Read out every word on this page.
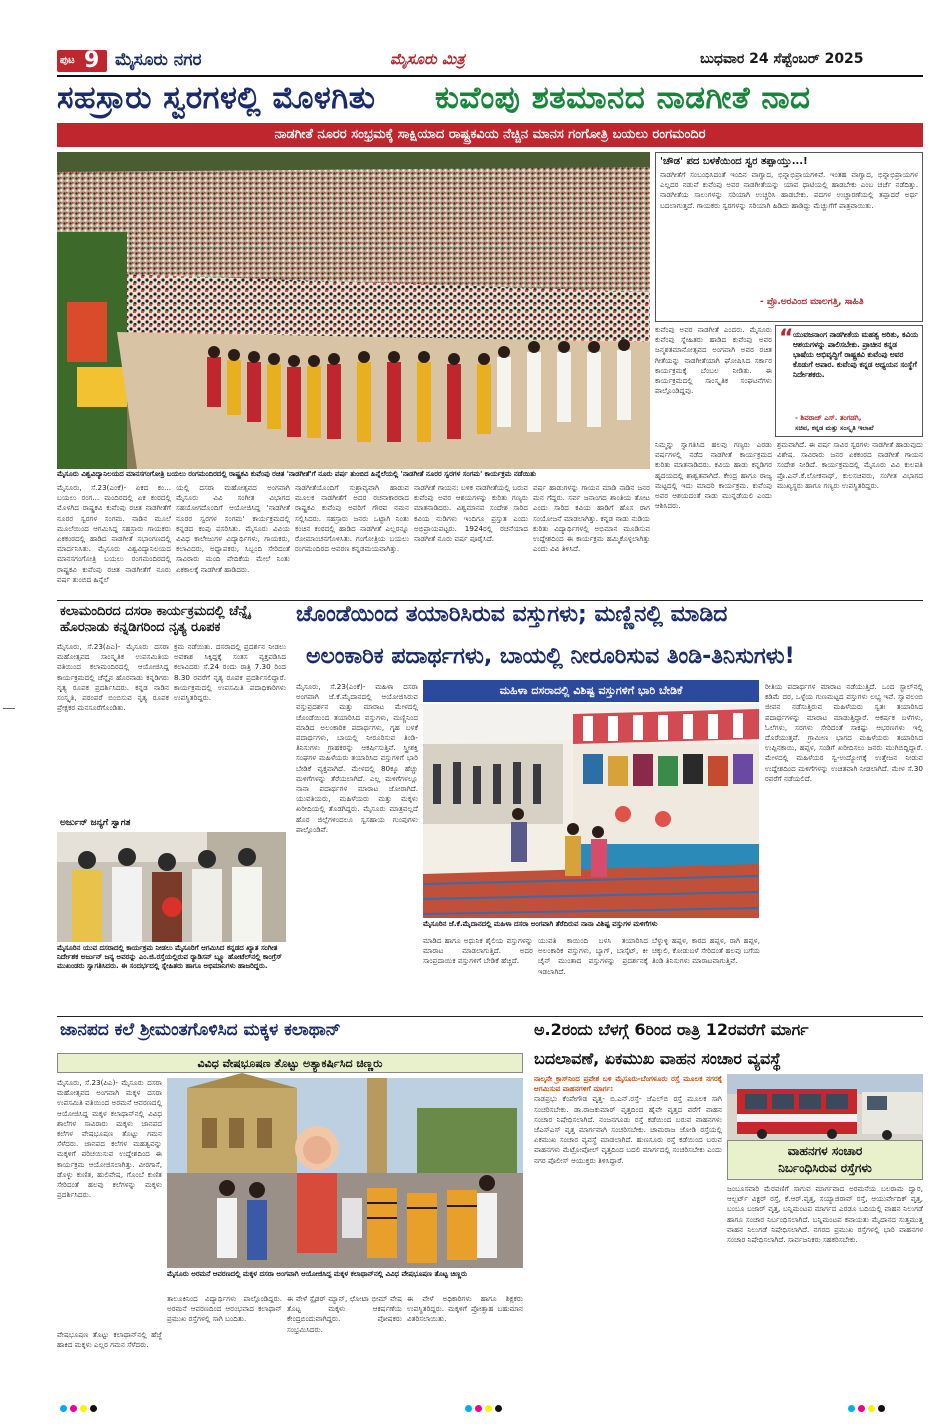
ಪುಟ 9 ಮೈಸೂರು ನಗರ	ಮೈಸೂರು ಮಿತ್ರ	ಬುಧವಾರ 24 ಸೆಪ್ಟೆಂಬರ್ 2025
ಸಹಸ್ರಾರು ಸ್ವರಗಳಲ್ಲಿ ಮೊಳಗಿತು ಕುವೆಂಪು ಶತಮಾನದ ನಾಡಗೀತೆ ನಾದ
ನಾಡಗೀತೆ ನೂರರ ಸಂಭ್ರಮಕ್ಕೆ ಸಾಕ್ಷಿಯಾದ ರಾಷ್ಟ್ರಕವಿಯ ನೆಚ್ಚಿನ ಮಾನಸ ಗಂಗೋತ್ರಿ ಬಯಲು ರಂಗಮಂದಿರ
'ಚೌಡ' ಪದ ಬಳಕೆಯಿಂದ ಸ್ವರ ತಪ್ಪಾಯ್ತು...!
ನಾಡಗೀತೆಗೆ ಸಂಬಂಧಿಸಿದಂತೆ ಇಂದಿನ ವಾಗ್ವಾದ, ಭಿನ್ನಾಭಿಪ್ರಾಯಗಳಿವೆ. ಇಂತಹ ವಾಗ್ವಾದ, ಭಿನ್ನಾಭಿಪ್ರಾಯಗಳ ಎಲ್ಲದರ ನಡುವೆ ಕುವೆಂಪು ಅವರ ನಾಡಗೀತೆಯನ್ನು ಯಾವ ಧಾಟಿಯಲ್ಲಿ ಹಾಡಬೇಕು ಎಂಬ ಚರ್ಚೆ ನಡೆದಿತ್ತು. ನಾಡಗೀತೆಯ ಸಾಲುಗಳನ್ನು ಸರಿಯಾಗಿ ಉಚ್ಚರಿಸಿ ಹಾಡಬೇಕು. ಪದಗಳ ಉಚ್ಚಾರಣೆಯಲ್ಲಿ ತಪ್ಪಾದರೆ ಅರ್ಥ ಬದಲಾಗುತ್ತದೆ. ಗಾಯಕರು ಸ್ವರಗಳನ್ನು ಸರಿಯಾಗಿ ಹಿಡಿದು ಹಾಡಿದ್ದು ಮೆಚ್ಚುಗೆಗೆ ಪಾತ್ರವಾಯಿತು.
- ಪ್ರೊ.ಅರವಿಂದ ಮಾಲಗತ್ತಿ, ಸಾಹಿತಿ
“ ಯುವಜನಾಂಗ ನಾಡಗೀತೆಯ ಮಹತ್ವ ಅರಿತು, ಕವಿಯ ಆಶಯಗಳನ್ನು ಪಾಲಿಸಬೇಕು. ಪ್ರಾಚೀನ ಕನ್ನಡ ಭಾಷೆಯ ಅಭಿವೃದ್ಧಿಗೆ ರಾಷ್ಟ್ರಕವಿ ಕುವೆಂಪು ಅವರ ಕೊಡುಗೆ ಅಪಾರ. ಕುವೆಂಪು ಕನ್ನಡ ಅಧ್ಯಯನ ಸಂಸ್ಥೆಗೆ ನಿರ್ದೇಶಕರು.
- ಶಿವರಾಜ್ ಎಸ್. ತಂಗಡಗಿ,
ಸಚಿವ, ಕನ್ನಡ ಮತ್ತು ಸಂಸ್ಕೃತಿ ಇಲಾಖೆ
ಮೈಸೂರು ವಿಶ್ವವಿದ್ಯಾನಿಲಯದ ಮಾನಸಗಂಗೋತ್ರಿ ಬಯಲು ರಂಗಮಂದಿರದಲ್ಲಿ ರಾಷ್ಟ್ರಕವಿ ಕುವೆಂಪು ರಚಿತ 'ನಾಡಗೀತೆ'ಗೆ ನೂರು ವರ್ಷ ತುಂಬಿದ ಹಿನ್ನೆಲೆಯಲ್ಲಿ 'ನಾಡಗೀತೆ ನೂರರ ಸ್ವರಗಳ ಸಂಗಮ' ಕಾರ್ಯಕ್ರಮ ನಡೆಯಿತು
ಮೈಸೂರು, ಸೆ.23(ಎಂಕೆ)- ಏಕದ ಕಂ... ಬಯಲು ರಂಗ... ಮಂದಿರದಲ್ಲಿ ಏಕ ಕಂಠದಲ್ಲಿ ಮೊಳಗಿದ ರಾಷ್ಟ್ರಕವಿ ಕುವೆಂಪು ರಚಿತ ನಾಡಗೀತೆಗೆ ನೂರರ ಸ್ವರಗಳ ಸಂಗಮ. ನಾಡಿನ ಮೂಲೆ ಮೂಲೆಯಿಂದ ಆಗಮಿಸಿದ್ದ ಸಹಸ್ರಾರು ಗಾಯಕರು ಏಕಕಂಠದಲ್ಲಿ ಹಾಡಿದ ನಾಡಗೀತೆ ಸಭಾಂಗಣದಲ್ಲಿ ಮಾರ್ದನಿಸಿತು. ಮೈಸೂರು ವಿಶ್ವವಿದ್ಯಾನಿಲಯದ ಮಾನಸಗಂಗೋತ್ರಿ ಬಯಲು ರಂಗಮಂದಿರದಲ್ಲಿ ರಾಷ್ಟ್ರಕವಿ ಕುವೆಂಪು ರಚಿತ ನಾಡಗೀತೆಗೆ ನೂರು ವರ್ಷ ತುಂಬಿದ ಹಿನ್ನೆಲೆ
ಯಲ್ಲಿ ದಸರಾ ಮಹೋತ್ಸವದ ಅಂಗವಾಗಿ ಮೈಸೂರು ವಿವಿ ಸಂಗೀತ ವಿಭಾಗದ ಸಹಯೋಗದೊಂದಿಗೆ ಆಯೋಜಿಸಿದ್ದ 'ನಾಡಗೀತೆ ನೂರರ ಸ್ವರಗಳ ಸಂಗಮ' ಕಾರ್ಯಕ್ರಮದಲ್ಲಿ ಕನ್ನಡದ ಕಂಪು ಪಸರಿಸಿತು. ಮೈಸೂರು ವಿವಿಯ ವಿವಿಧ ಕಾಲೇಜುಗಳ ವಿದ್ಯಾರ್ಥಿಗಳು, ಗಾಯಕರು, ಕಲಾವಿದರು, ಅಧ್ಯಾಪಕರು, ಸಿಬ್ಬಂದಿ ಸೇರಿದಂತೆ ಸಾವಿರಾರು ಮಂದಿ ವೇದಿಕೆಯ ಮೇಲೆ ನಿಂತು ಏಕಕಾಲಕ್ಕೆ ನಾಡಗೀತೆ ಹಾಡಿದರು.
ನಾಡಗೀತೆಯೊಂದಿಗೆ ಸುಶ್ರಾವ್ಯವಾಗಿ ಹಾಡುವ ಮೂಲಕ ನಾಡಗೀತೆಗೆ ಅದರ ರಚನಾಕಾರರಾದ ರಾಷ್ಟ್ರಕವಿ ಕುವೆಂಪು ಅವರಿಗೆ ಗೌರವ ನಮನ ಸಲ್ಲಿಸಿದರು. ಸಹಸ್ರಾರು ಜನರು ಒಟ್ಟಾಗಿ ನಿಂತು ಕಂಚಿನ ಕಂಠದಲ್ಲಿ ಹಾಡಿದ ನಾಡಗೀತೆ ಎಲ್ಲರನ್ನೂ ರೋಮಾಂಚನಗೊಳಿಸಿತು. ಗಂಗೋತ್ರಿಯ ಬಯಲು ರಂಗಮಂದಿರದ ಆವರಣ ಕನ್ನಡಮಯವಾಗಿತ್ತು.
ನಾಡಗೀತೆ ಗಾಯನ: ಬಳಿಕ ನಾಡಗೀತೆಯಲ್ಲಿ ಬರುವ ಕುವೆಂಪು ಅವರ ಆಶಯಗಳನ್ನು ಕುರಿತು ಗಣ್ಯರು ಮಾತನಾಡಿದರು. ವಿಶ್ವಮಾನವ ಸಂದೇಶ ಸಾರಿದ ಕವಿಯ ನುಡಿಗಳು ಇಂದಿಗೂ ಪ್ರಸ್ತುತ ಎಂದು ಅಭಿಪ್ರಾಯಪಟ್ಟರು. 1924ರಲ್ಲಿ ರಚನೆಯಾದ ನಾಡಗೀತೆ ನೂರು ವರ್ಷ ಪೂರೈಸಿದೆ.
ವರ್ಷ ಹಾಡುಗಳನ್ನು ಗಾಯನ ಮಾಡಿ ನಾಡಿನ ಜನರ ಮನ ಗೆದ್ದರು. ಸರ್ವ ಜನಾಂಗದ ಶಾಂತಿಯ ತೋಟ ಎಂದು ಸಾರಿದ ಕವಿಯ ಹಾಡಿಗೆ ಹೊಸ ರಾಗ ಸಂಯೋಜನೆ ಮಾಡಲಾಗಿತ್ತು. ಕನ್ನಡ ನಾಡು ನುಡಿಯ ಕುರಿತು ವಿದ್ಯಾರ್ಥಿಗಳಲ್ಲಿ ಅಭಿಮಾನ ಮೂಡಿಸುವ ಉದ್ದೇಶದಿಂದ ಈ ಕಾರ್ಯಕ್ರಮ ಹಮ್ಮಿಕೊಳ್ಳಲಾಗಿತ್ತು ಎಂದು ವಿವಿ ತಿಳಿಸಿದೆ.
ಕುವೆಂಪು ಅವರ ನಾಡಗೀತೆ ಎಂದರು. ಮೈಸೂರು ಕುವೆಂಪು ಸ್ನೇಹಿತರು ಹಾಡಿದ ಕುವೆಂಪು ಅವರ ಜನ್ಮಶತಮಾನೋತ್ಸವದ ಅಂಗವಾಗಿ ಅವರ ರಚಿತ ಗೀತೆಯನ್ನು ನಾಡಗೀತೆಯಾಗಿ ಘೋಷಿಸಿದ ಸರ್ಕಾರ ಕಾರ್ಯಕ್ರಮಕ್ಕೆ ಬೆಂಬಲ ನೀಡಿತು. ಈ ಕಾರ್ಯಕ್ರಮದಲ್ಲಿ ಸಾಂಸ್ಕೃತಿಕ ಸಂಘಟನೆಗಳು ಪಾಲ್ಗೊಂಡಿದ್ದವು.
ನಿಮ್ಮನ್ನು ಸ್ವಾಗತಿಸಿದ ಹಲವು ಗಣ್ಯರು ಎರಡು ವರ್ಷಗಳಲ್ಲಿ ನಡೆದ ನಾಡಗೀತೆ ಕಾರ್ಯಕ್ರಮದ ಕುರಿತು ಮಾತನಾಡಿದರು. ಕವಿಯ ಹಾಡು ಕನ್ನಡಿಗರ ಹೃದಯದಲ್ಲಿ ಶಾಶ್ವತವಾಗಿದೆ. ಕೇಂದ್ರ ಹಾಗೂ ರಾಜ್ಯ ಮಟ್ಟದಲ್ಲಿ ಇದು ಮಾದರಿ ಕಾರ್ಯಕ್ರಮ. ಕುವೆಂಪು ಅವರ ಆಶಯದಂತೆ ನಾಡು ಮುನ್ನಡೆಯಲಿ ಎಂದು ಆಶಿಸಿದರು.
ಶ್ರಮವಾಗಿದೆ. ಈ ವರ್ಷ ಸಾವಿರ ಸ್ವರಗಳು ನಾಡಗೀತೆ ಹಾಡುವುದು ವಿಶೇಷ. ಸಾವಿರಾರು ಜನರ ಏಕಕಂಠದ ನಾಡಗೀತೆ ಗಾಯನ ಸಂದೇಶ ನೀಡಿದೆ. ಕಾರ್ಯಕ್ರಮದಲ್ಲಿ ಮೈಸೂರು ವಿವಿ ಕುಲಪತಿ ಪ್ರೊ.ಎನ್.ಕೆ.ಲೋಕನಾಥ್, ಕುಲಸಚಿವರು, ಸಂಗೀತ ವಿಭಾಗದ ಮುಖ್ಯಸ್ಥರು ಹಾಗೂ ಗಣ್ಯರು ಉಪಸ್ಥಿತರಿದ್ದರು.
ಕಲಾಮಂದಿರದ ದಸರಾ ಕಾರ್ಯಕ್ರಮದಲ್ಲಿ ಚೆನ್ನೈ ಹೊರನಾಡು ಕನ್ನಡಿಗರಿಂದ ನೃತ್ಯ ರೂಪಕ
ಮೈಸೂರು, ಸೆ.23(ಪಿಎ)- ಮೈಸೂರು ದಸರಾ ಮಹೋತ್ಸವದ ಸಾಂಸ್ಕೃತಿಕ ಉಪಸಮಿತಿಯ ವತಿಯಿಂದ ಕಲಾಮಂದಿರದಲ್ಲಿ ಆಯೋಜಿಸಿದ್ದ ಕಾರ್ಯಕ್ರಮದಲ್ಲಿ ಚೆನ್ನೈನ ಹೊರನಾಡು ಕನ್ನಡಿಗರು ನೃತ್ಯ ರೂಪಕ ಪ್ರದರ್ಶಿಸಿದರು. ಕನ್ನಡ ನಾಡಿನ ಸಂಸ್ಕೃತಿ, ಪರಂಪರೆ ಬಿಂಬಿಸುವ ನೃತ್ಯ ರೂಪಕ ಪ್ರೇಕ್ಷಕರ ಮನಸೂರೆಗೊಂಡಿತು.
ಕ್ರಮ ನಡೆಯಿತು. ದಸರಾದಲ್ಲಿ ಪ್ರದರ್ಶನ ನೀಡಲು ಅವಕಾಶ ಸಿಕ್ಕಿದ್ದಕ್ಕೆ ಸಂತಸ ವ್ಯಕ್ತಪಡಿಸಿದ ಕಲಾವಿದರು ಸೆ.24 ರಂದು ರಾತ್ರಿ 7.30 ರಿಂದ 8.30 ರವರೆಗೆ ನೃತ್ಯ ರೂಪಕ ಪ್ರದರ್ಶಿಸಲಿದ್ದಾರೆ. ಕಾರ್ಯಕ್ರಮದಲ್ಲಿ ಉಪಸಮಿತಿ ಪದಾಧಿಕಾರಿಗಳು ಉಪಸ್ಥಿತರಿದ್ದರು.
ಅರ್ಜುನ್ ಜನ್ಯಗೆ ಸ್ವಾಗತ
ಮೈಸೂರಿನ ಯುವ ದಸರಾದಲ್ಲಿ ಕಾರ್ಯಕ್ರಮ ನೀಡಲು ಮೈಸೂರಿಗೆ ಆಗಮಿಸಿದ ಕನ್ನಡದ ಖ್ಯಾತ ಸಂಗೀತ ನಿರ್ದೇಶಕ ಅರ್ಜುನ್ ಜನ್ಯ ಅವರನ್ನು ಎಂ.ಜಿ.ರಸ್ತೆಯಲ್ಲಿರುವ ರ್‍ಯಾಡಿಸನ್ ಬ್ಲ್ಯೂ ಹೋಟೆಲ್‌ನಲ್ಲಿ ಕಾಂಗ್ರೆಸ್ ಮುಖಂಡರು ಸ್ವಾಗತಿಸಿದರು. ಈ ಸಂದರ್ಭದಲ್ಲಿ ಸ್ನೇಹಿತರು ಹಾಗೂ ಅಭಿಮಾನಿಗಳು ಹಾಜರಿದ್ದರು.
ಚೊಂಡೆಯಿಂದ ತಯಾರಿಸಿರುವ ವಸ್ತುಗಳು; ಮಣ್ಣಿನಲ್ಲಿ ಮಾಡಿದ
ಅಲಂಕಾರಿಕ ಪದಾರ್ಥಗಳು, ಬಾಯಲ್ಲಿ ನೀರೂರಿಸುವ ತಿಂಡಿ-ತಿನಿಸುಗಳು!
ಮಹಿಳಾ ದಸರಾದಲ್ಲಿ ವಿಶಿಷ್ಟ ವಸ್ತುಗಳಿಗೆ ಭಾರಿ ಬೇಡಿಕೆ
ಮೈಸೂರಿನ ಜೆ.ಕೆ.ಮೈದಾನದಲ್ಲಿ ಮಹಿಳಾ ದಸರಾ ಅಂಗವಾಗಿ ತೆರೆದಿರುವ ನಾನಾ ವಿಶಿಷ್ಟ ವಸ್ತುಗಳ ಮಳಿಗೆಗಳು
ಮೈಸೂರು, ಸೆ.23(ಎಂಕೆ)- ಮಹಿಳಾ ದಸರಾ ಅಂಗವಾಗಿ ಜೆ.ಕೆ.ಮೈದಾನದಲ್ಲಿ ಆಯೋಜಿಸಿರುವ ವಸ್ತುಪ್ರದರ್ಶನ ಮತ್ತು ಮಾರಾಟ ಮೇಳದಲ್ಲಿ ಚೊಂಡೆಯಿಂದ ತಯಾರಿಸಿದ ವಸ್ತುಗಳು, ಮಣ್ಣಿನಿಂದ ಮಾಡಿದ ಅಲಂಕಾರಿಕ ಪದಾರ್ಥಗಳು, ಗೃಹ ಬಳಕೆ ಪದಾರ್ಥಗಳು, ಬಾಯಲ್ಲಿ ನೀರೂರಿಸುವ ತಿಂಡಿ-ತಿನಿಸುಗಳು ಗ್ರಾಹಕರನ್ನು ಆಕರ್ಷಿಸುತ್ತಿವೆ. ಸ್ತ್ರೀಶಕ್ತಿ ಸಂಘಗಳ ಮಹಿಳೆಯರು ತಯಾರಿಸಿದ ವಸ್ತುಗಳಿಗೆ ಭಾರಿ ಬೇಡಿಕೆ ವ್ಯಕ್ತವಾಗಿದೆ. ಮೇಳದಲ್ಲಿ 80ಕ್ಕೂ ಹೆಚ್ಚು ಮಳಿಗೆಗಳನ್ನು ತೆರೆಯಲಾಗಿದೆ. ಎಲ್ಲ ಮಳಿಗೆಗಳಲ್ಲೂ ನಾನಾ ಪದಾರ್ಥಗಳ ಮಾರಾಟ ಜೋರಾಗಿದೆ. ಯುವತಿಯರು, ಮಹಿಳೆಯರು ಮತ್ತು ಮಕ್ಕಳು ಖರೀದಿಯಲ್ಲಿ ತೊಡಗಿದ್ದರು. ಮೈಸೂರು ಮಾತ್ರವಲ್ಲದೆ ಹೊರ ಜಿಲ್ಲೆಗಳಿಂದಲೂ ಸ್ವಸಹಾಯ ಗುಂಪುಗಳು ಪಾಲ್ಗೊಂಡಿವೆ.
ಮಾಡಿದ ಹಾಗೂ ಅಧುನಿಕ ಶೈಲಿಯ ವಸ್ತುಗಳನ್ನು ಮಾರಾಟ ಮಾಡಲಾಗುತ್ತಿದೆ. ಅದರ ಸಾಂಪ್ರದಾಯಿಕ ವಸ್ತುಗಳಿಗೆ ಬೇಡಿಕೆ ಹೆಚ್ಚಿದೆ.
ಯುವತಿ ಕಾಯಿಂದಿ ಬಳಸಿ ತಯಾರಿಸಿದ ಅಲಂಕಾರಿಕ ವಸ್ತುಗಳು, ಬ್ಯಾಗ್, ಬಾಸ್ಕೆಟ್, ಕೀ ಚೈನ್ ಮುಂತಾದ ವಸ್ತುಗಳನ್ನು ಪ್ರದರ್ಶನಕ್ಕೆ ಇಡಲಾಗಿದೆ.
ಬೆಳ್ಳುಳ್ಳಿ ಹಪ್ಪಳ, ಕಾರದ ಹಪ್ಪಳ, ರಾಗಿ ಹಪ್ಪಳ, ಚಕ್ಕುಲಿ, ಕೋಡುಬಳೆ ಸೇರಿದಂತೆ ಹಲವು ಬಗೆಯ ತಿಂಡಿ ತಿನಿಸುಗಳು ಮಾರಾಟವಾಗುತ್ತಿವೆ.
ರೀತಿಯ ಪದಾರ್ಥಗಳ ಮಾರಾಟ ನಡೆಯುತ್ತಿದೆ. ಒಂದ ಸ್ಟಾಲ್‌ನಲ್ಲಿ ಕಡಿಮೆ ದರ, ಒಳ್ಳೆಯ ಗುಣಮಟ್ಟದ ವಸ್ತುಗಳು ಲಭ್ಯ ಇವೆ. ಸ್ವಾವಲಂಬಿ ಜೀವನ ನಡೆಸುತ್ತಿರುವ ಮಹಿಳೆಯರು ಸ್ವತಃ ತಯಾರಿಸಿದ ಪದಾರ್ಥಗಳನ್ನು ಮಾರಾಟ ಮಾಡುತ್ತಿದ್ದಾರೆ. ಆಕರ್ಷಕ ಬಳೆಗಳು, ಓಲೆಗಳು, ಸರಗಳು ಸೇರಿದಂತೆ ಸಾಕಷ್ಟು ಆಭರಣಗಳು ಇಲ್ಲಿ ದೊರೆಯುತ್ತವೆ. ಗ್ರಾಮೀಣ ಭಾಗದ ಮಹಿಳೆಯರು ತಯಾರಿಸಿದ ಉಪ್ಪಿನಕಾಯಿ, ಹಪ್ಪಳ, ಸಂಡಿಗೆ ಖರೀದಿಸಲು ಜನರು ಮುಗಿಬಿದ್ದಿದ್ದಾರೆ. ಮೇಳದಲ್ಲಿ ಮಹಿಳೆಯರ ಸ್ವ-ಉದ್ಯೋಗಕ್ಕೆ ಉತ್ತೇಜನ ನೀಡುವ ಉದ್ದೇಶದಿಂದ ಮಳಿಗೆಗಳನ್ನು ಉಚಿತವಾಗಿ ನೀಡಲಾಗಿದೆ. ಮೇಳ ಸೆ.30 ರವರೆಗೆ ನಡೆಯಲಿದೆ.
ಜಾನಪದ ಕಲೆ ಶ್ರೀಮಂತಗೊಳಿಸಿದ ಮಕ್ಕಳ ಕಲಾಥಾನ್
ವಿವಿಧ ವೇಷಭೂಷಣ ತೊಟ್ಟು ಅತ್ಯಾಕರ್ಷಿಸಿದ ಚಿಣ್ಣರು
ಮೈಸೂರು, ಸೆ.23(ಪಿಎ)- ಮೈಸೂರು ದಸರಾ ಮಹೋತ್ಸವದ ಅಂಗವಾಗಿ ಮಕ್ಕಳ ದಸರಾ ಉಪಸಮಿತಿ ವತಿಯಿಂದ ಅರಮನೆ ಆವರಣದಲ್ಲಿ ಆಯೋಜಿಸಿದ್ದ ಮಕ್ಕಳ ಕಲಾಥಾನ್‌ನಲ್ಲಿ ವಿವಿಧ ಶಾಲೆಗಳ ಸಾವಿರಾರು ಮಕ್ಕಳು ಜಾನಪದ ಕಲೆಗಳ ವೇಷಭೂಷಣ ತೊಟ್ಟು ಗಮನ ಸೆಳೆದರು. ಜಾನಪದ ಕಲೆಗಳ ಮಹತ್ವವನ್ನು ಮಕ್ಕಳಿಗೆ ಪರಿಚಯಿಸುವ ಉದ್ದೇಶದಿಂದ ಈ ಕಾರ್ಯಕ್ರಮ ಆಯೋಜಿಸಲಾಗಿತ್ತು. ವೀರಗಾಸೆ, ಡೊಳ್ಳು ಕುಣಿತ, ಹುಲಿವೇಷ, ಗೊಂಬೆ ಕುಣಿತ ಸೇರಿದಂತೆ ಹಲವು ಕಲೆಗಳನ್ನು ಮಕ್ಕಳು ಪ್ರದರ್ಶಿಸಿದರು.
ವೇಷಭೂಷಣ ತೊಟ್ಟು ಕಲಾಥಾನ್‌ನಲ್ಲಿ ಹೆಜ್ಜೆ ಹಾಕಿದ ಮಕ್ಕಳು ಎಲ್ಲರ ಗಮನ ಸೆಳೆದರು.
ಮೈಸೂರು ಅರಮನೆ ಆವರಣದಲ್ಲಿ ಮಕ್ಕಳ ದಸರಾ ಅಂಗವಾಗಿ ಆಯೋಜಿಸಿದ್ದ ಮಕ್ಕಳ ಕಲಾಥಾನ್‌ನಲ್ಲಿ ವಿವಿಧ ವೇಷಭೂಷಣ ತೊಟ್ಟ ಚಿಣ್ಣರು
ತಾಲೂಕಿನಿಂದ ವಿದ್ಯಾರ್ಥಿಗಳು ಪಾಲ್ಗೊಂಡಿದ್ದರು. ಅರಮನೆ ಆವರಣದಿಂದ ಆರಂಭವಾದ ಕಲಾಥಾನ್ ಪ್ರಮುಖ ರಸ್ತೆಗಳಲ್ಲಿ ಸಾಗಿ ಬಂದಿತು.
ಈ ವೇಳೆ ಸ್ಪೈಡರ್ ಮ್ಯಾನ್, ಛೋಟಾ ಭೀಮ್ ವೇಷ ತೊಟ್ಟ ಮಕ್ಕಳು ಆಕರ್ಷಣೆಯ ಕೇಂದ್ರಬಿಂದುವಾಗಿದ್ದರು. ಪೋಷಕರು ಸಂಭ್ರಮಿಸಿದರು.
ಈ ವೇಳೆ ಅಧಿಕಾರಿಗಳು ಹಾಗೂ ಶಿಕ್ಷಕರು ಉಪಸ್ಥಿತರಿದ್ದರು. ಮಕ್ಕಳಿಗೆ ಪ್ರೋತ್ಸಾಹ ಬಹುಮಾನ ವಿತರಿಸಲಾಯಿತು.
ಅ.2ರಂದು ಬೆಳಗ್ಗೆ 6ರಿಂದ ರಾತ್ರಿ 12ರವರೆಗೆ ಮಾರ್ಗ
ಬದಲಾವಣೆ, ಏಕಮುಖ ವಾಹನ ಸಂಚಾರ ವ್ಯವಸ್ಥೆ
ನಾಲ್ಕನೇ ಕ್ರಾಸ್‌ನಿಂದ ಪ್ರವೇಶ ಬಳಿ ಮೈಸೂರು-ಬೆಂಗಳೂರು ರಸ್ತೆ ಮೂಲಕ ನಗರಕ್ಕೆ ಆಗಮಿಸುವ ವಾಹನಗಳಿಗೆ ಮಾರ್ಗ:
ನಾಡಪ್ರಭು ಕೆಂಪೇಗೌಡ ವೃತ್ತ- ಬಿ.ಎನ್.ರಸ್ತೆ- ಜೆಎಲ್‌ಬಿ ರಸ್ತೆ ಮೂಲಕ ಸಾಗಿ ಸಂಚರಿಸಬೇಕು. ಡಾ.ರಾಜಕುಮಾರ್ ವೃತ್ತದಿಂದ ಹೈವೇ ವೃತ್ತದ ವರೆಗೆ ವಾಹನ ಸಂಚಾರ ನಿಷೇಧಿಸಲಾಗಿದೆ. ನಂಜನಗೂಡು ರಸ್ತೆ ಕಡೆಯಿಂದ ಬರುವ ವಾಹನಗಳು ಜೆಎಸ್‌ಎಸ್ ವೃತ್ತ ಮಾರ್ಗವಾಗಿ ಸಂಚರಿಸಬೇಕು. ಚಾಮರಾಜ ಜೋಡಿ ರಸ್ತೆಯಲ್ಲಿ ಏಕಮುಖ ಸಂಚಾರ ವ್ಯವಸ್ಥೆ ಮಾಡಲಾಗಿದೆ. ಹುಣಸೂರು ರಸ್ತೆ ಕಡೆಯಿಂದ ಬರುವ ವಾಹನಗಳು ಮೆಟ್ರೋಪೋಲ್ ವೃತ್ತದಿಂದ ಬದಲಿ ಮಾರ್ಗದಲ್ಲಿ ಸಂಚರಿಸಬೇಕು ಎಂದು ನಗರ ಪೊಲೀಸ್ ಆಯುಕ್ತರು ತಿಳಿಸಿದ್ದಾರೆ.
ವಾಹನಗಳ ಸಂಚಾರ
ನಿರ್ಬಂಧಿಸಿರುವ ರಸ್ತೆಗಳು
ಜಂಬೂಸವಾರಿ ಮೆರವಣಿಗೆ ಸಾಗುವ ಮಾರ್ಗವಾದ ಅರಮನೆಯ ಬಲರಾಮ ದ್ವಾರ, ಆಲ್ಬರ್ಟ್ ವಿಕ್ಟರ್ ರಸ್ತೆ, ಕೆ.ಆರ್.ವೃತ್ತ, ಸಯ್ಯಾಜಿರಾವ್ ರಸ್ತೆ, ಆಯುರ್ವೇದಿಕ್ ವೃತ್ತ, ಬಂಬೂ ಬಜಾರ್ ವೃತ್ತ, ಬನ್ನಿಮಂಟಪ ಮಾರ್ಗದ ಎರಡೂ ಬದಿಯಲ್ಲಿ ವಾಹನ ನಿಲುಗಡೆ ಹಾಗೂ ಸಂಚಾರ ನಿರ್ಬಂಧಿಸಲಾಗಿದೆ. ಬನ್ನಿಮಂಟಪ ಕವಾಯತು ಮೈದಾನದ ಸುತ್ತಮುತ್ತ ವಾಹನ ನಿಲುಗಡೆ ನಿಷೇಧಿಸಲಾಗಿದೆ. ನಗರದ ಪ್ರಮುಖ ರಸ್ತೆಗಳಲ್ಲಿ ಭಾರಿ ವಾಹನಗಳ ಸಂಚಾರ ನಿಷೇಧಿಸಲಾಗಿದೆ. ಸಾರ್ವಜನಿಕರು ಸಹಕರಿಸಬೇಕು.
